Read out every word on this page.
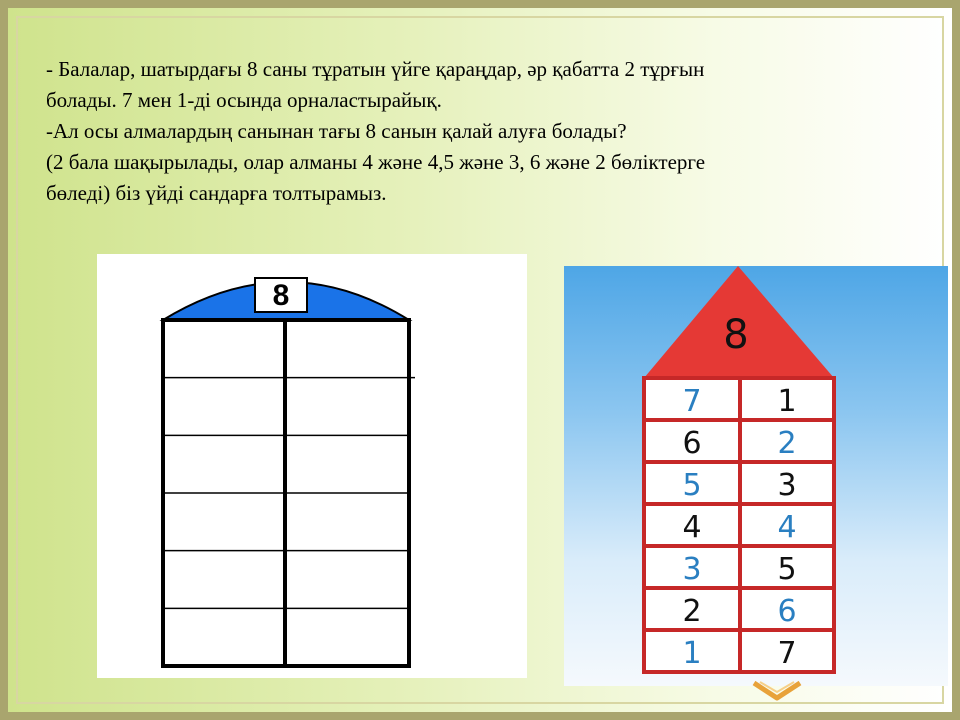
- Балалар, шатырдағы 8 саны тұратын үйге қараңдар, әр қабатта 2 тұрғын

болады. 7 мен 1-ді осында орналастырайық.

-Ал осы алмалардың санынан тағы 8 санын қалай алуға болады?

(2 бала шақырылады, олар алманы 4 және 4,5 және 3, 6 және 2 бөліктерге

бөледі) біз үйді сандарға толтырамыз.

8
8
7	1
6	2
5	3
4	4
3	5
2	6
1	7
